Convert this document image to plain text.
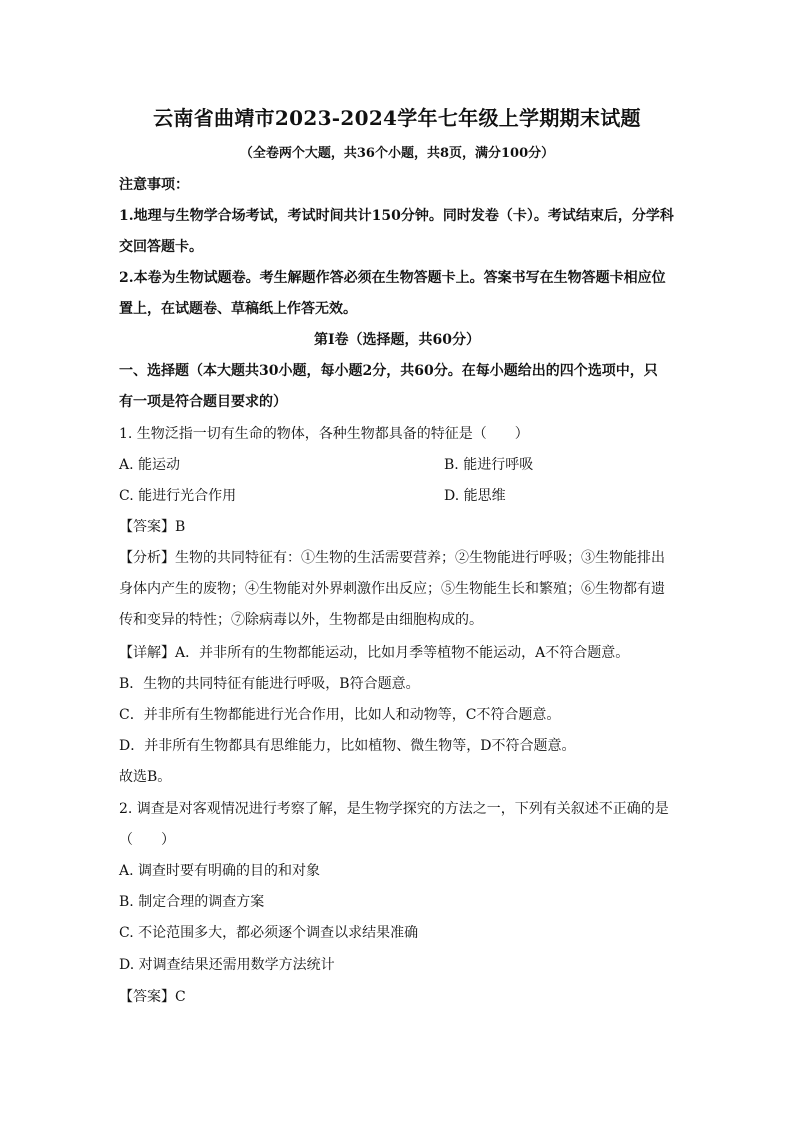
云南省曲靖市2023-2024学年七年级上学期期末试题
（全卷两个大题，共36个小题，共8页，满分100分）
注意事项：
1.地理与生物学合场考试，考试时间共计150分钟。同时发卷（卡）。考试结束后，分学科
交回答题卡。
2.本卷为生物试题卷。考生解题作答必须在生物答题卡上。答案书写在生物答题卡相应位
置上，在试题卷、草稿纸上作答无效。
第Ⅰ卷（选择题，共60分）
一、选择题（本大题共30小题，每小题2分，共60分。在每小题给出的四个选项中，只
有一项是符合题目要求的）
1. 生物泛指一切有生命的物体，各种生物都具备的特征是（　　）
A. 能运动	B. 能进行呼吸
C. 能进行光合作用	D. 能思维
【答案】B
【分析】生物的共同特征有：①生物的生活需要营养；②生物能进行呼吸；③生物能排出
身体内产生的废物；④生物能对外界刺激作出反应；⑤生物能生长和繁殖；⑥生物都有遗
传和变异的特性；⑦除病毒以外，生物都是由细胞构成的。
【详解】A．并非所有的生物都能运动，比如月季等植物不能运动，A不符合题意。
B．生物的共同特征有能进行呼吸，B符合题意。
C．并非所有生物都能进行光合作用，比如人和动物等，C不符合题意。
D．并非所有生物都具有思维能力，比如植物、微生物等，D不符合题意。
故选B。
2. 调查是对客观情况进行考察了解，是生物学探究的方法之一，下列有关叙述不正确的是
（　　）
A. 调查时要有明确的目的和对象
B. 制定合理的调查方案
C. 不论范围多大，都必须逐个调查以求结果准确
D. 对调查结果还需用数学方法统计
【答案】C
